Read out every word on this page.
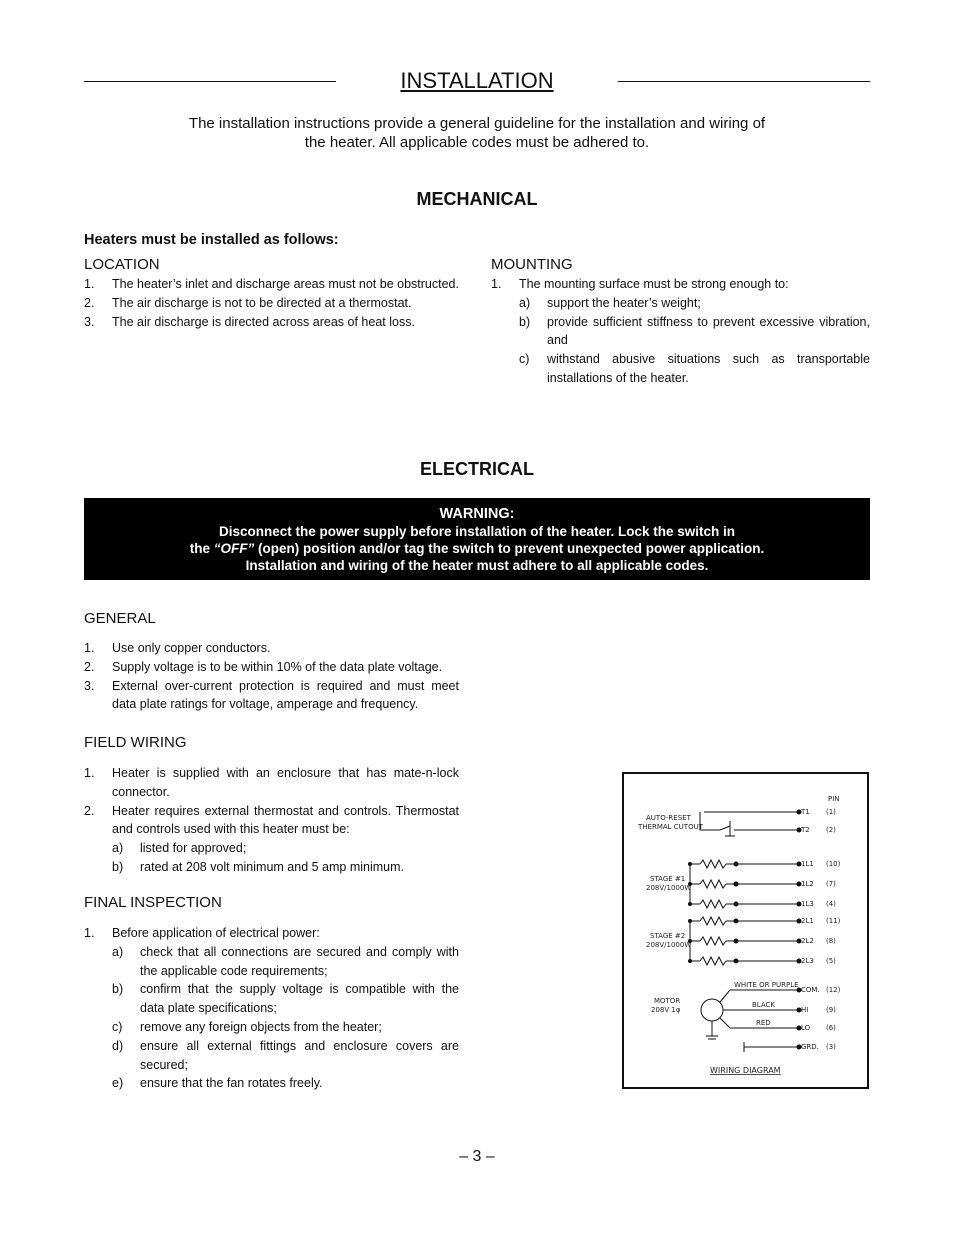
INSTALLATION
The installation instructions provide a general guideline for the installation and wiring of
the heater. All applicable codes must be adhered to.
MECHANICAL
Heaters must be installed as follows:
LOCATION
1. The heater’s inlet and discharge areas must not be obstructed.
2. The air discharge is not to be directed at a thermostat.
3. The air discharge is directed across areas of heat loss.
MOUNTING
1. The mounting surface must be strong enough to:
a) support the heater’s weight;
b) provide sufficient stiffness to prevent excessive vibration, and
c) withstand abusive situations such as transportable installations of the heater.
ELECTRICAL
WARNING:
Disconnect the power supply before installation of the heater. Lock the switch in
the “OFF” (open) position and/or tag the switch to prevent unexpected power application.
Installation and wiring of the heater must adhere to all applicable codes.
GENERAL
1. Use only copper conductors.
2. Supply voltage is to be within 10% of the data plate voltage.
3. External over-current protection is required and must meet data plate ratings for voltage, amperage and frequency.
FIELD WIRING
1. Heater is supplied with an enclosure that has mate-n-lock connector.
2. Heater requires external thermostat and controls. Thermostat and controls used with this heater must be:
a) listed for approved;
b) rated at 208 volt minimum and 5 amp minimum.
FINAL INSPECTION
1. Before application of electrical power:
a) check that all connections are secured and comply with the applicable code requirements;
b) confirm that the supply voltage is compatible with the data plate specifications;
c) remove any foreign objects from the heater;
d) ensure all external fittings and enclosure covers are secured;
e) ensure that the fan rotates freely.
PIN
AUTO-RESET
THERMAL CUTOUT
STAGE #1
208V/1000W
STAGE #2
208V/1000W
MOTOR
208V 1φ
WHITE OR PURPLE
BLACK
RED
T1
T2
1L1
1L2
1L3
2L1
2L2
2L3
COM.
HI
LO
GRD.
(1)
(2)
(10)
(7)
(4)
(11)
(8)
(5)
(12)
(9)
(6)
(3)
WIRING DIAGRAM
– 3 –
